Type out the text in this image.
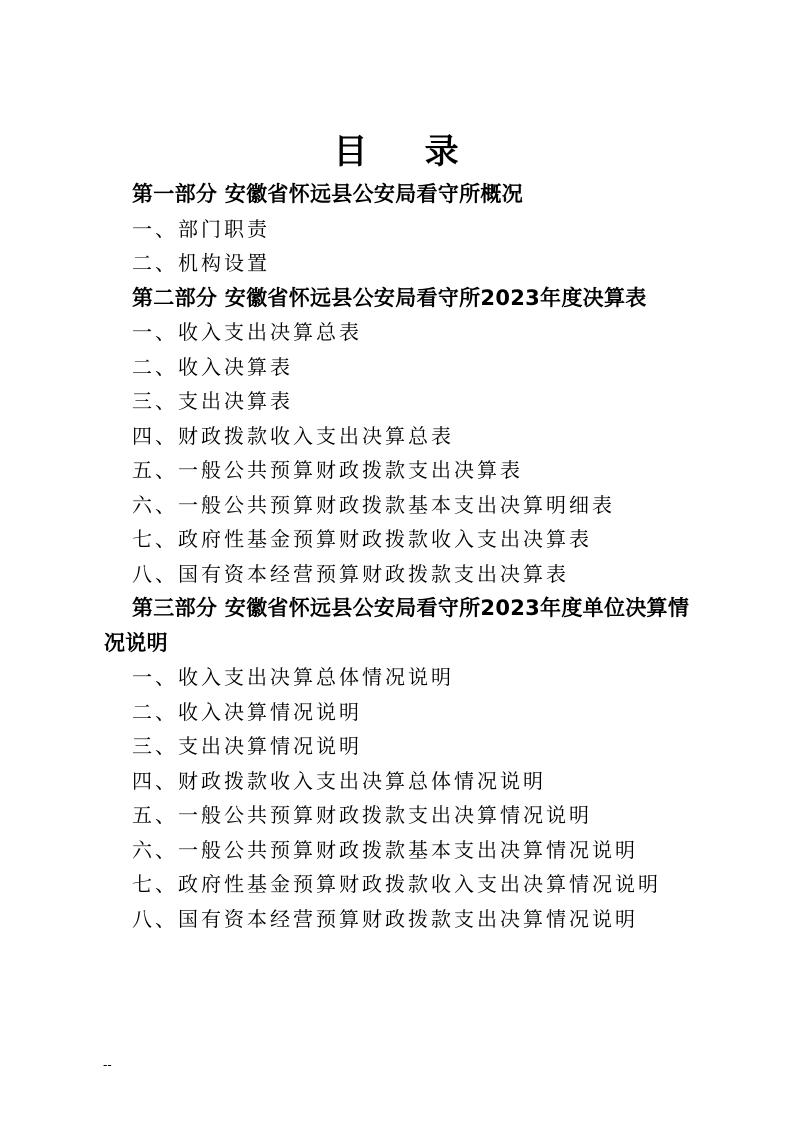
目    录

第一部分 安徽省怀远县公安局看守所概况

一、部门职责

二、机构设置

第二部分 安徽省怀远县公安局看守所2023年度决算表

一、收入支出决算总表

二、收入决算表

三、支出决算表

四、财政拨款收入支出决算总表

五、一般公共预算财政拨款支出决算表

六、一般公共预算财政拨款基本支出决算明细表

七、政府性基金预算财政拨款收入支出决算表

八、国有资本经营预算财政拨款支出决算表

第三部分 安徽省怀远县公安局看守所2023年度单位决算情况说明

一、收入支出决算总体情况说明

二、收入决算情况说明

三、支出决算情况说明

四、财政拨款收入支出决算总体情况说明

五、一般公共预算财政拨款支出决算情况说明

六、一般公共预算财政拨款基本支出决算情况说明

七、政府性基金预算财政拨款收入支出决算情况说明

八、国有资本经营预算财政拨款支出决算情况说明

--
